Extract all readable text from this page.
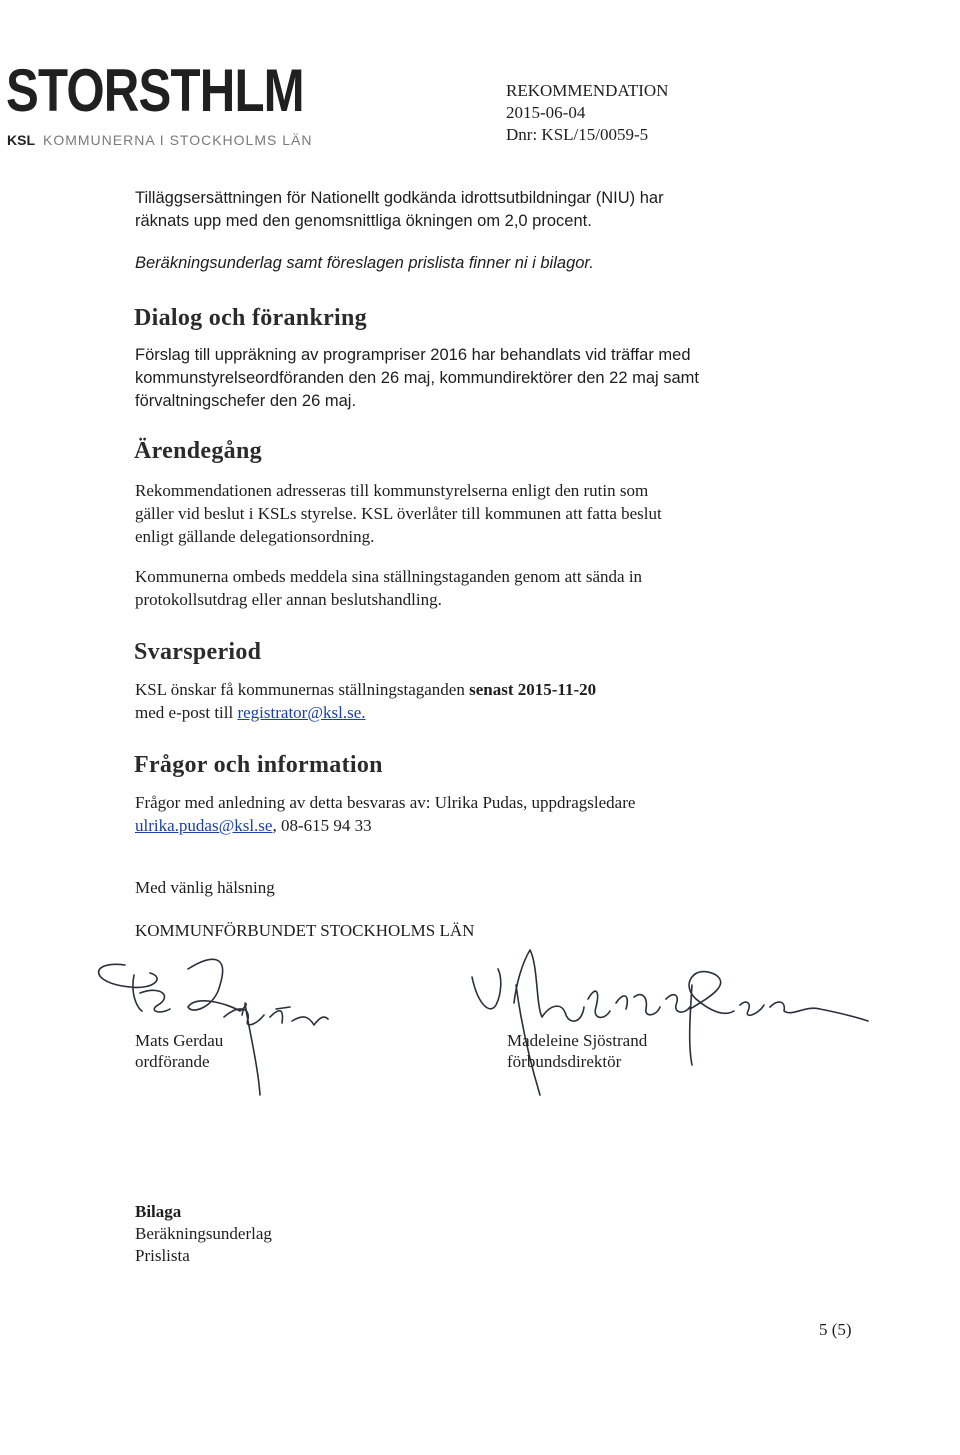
STORSTHLM
KSL KOMMUNERNA I STOCKHOLMS LÄN
REKOMMENDATION
2015-06-04
Dnr: KSL/15/0059-5
Tilläggsersättningen för Nationellt godkända idrottsutbildningar (NIU) har
räknats upp med den genomsnittliga ökningen om 2,0 procent.
Beräkningsunderlag samt föreslagen prislista finner ni i bilagor.
Dialog och förankring
Förslag till uppräkning av programpriser 2016 har behandlats vid träffar med
kommunstyrelseordföranden den 26 maj, kommundirektörer den 22 maj samt
förvaltningschefer den 26 maj.
Ärendegång
Rekommendationen adresseras till kommunstyrelserna enligt den rutin som
gäller vid beslut i KSLs styrelse. KSL överlåter till kommunen att fatta beslut
enligt gällande delegationsordning.
Kommunerna ombeds meddela sina ställningstaganden genom att sända in
protokollsutdrag eller annan beslutshandling.
Svarsperiod
KSL önskar få kommunernas ställningstaganden senast 2015-11-20
med e-post till registrator@ksl.se.
Frågor och information
Frågor med anledning av detta besvaras av: Ulrika Pudas, uppdragsledare
ulrika.pudas@ksl.se, 08-615 94 33
Med vänlig hälsning
KOMMUNFÖRBUNDET STOCKHOLMS LÄN
Mats Gerdau
ordförande
Madeleine Sjöstrand
förbundsdirektör
Bilaga
Beräkningsunderlag
Prislista
5 (5)
